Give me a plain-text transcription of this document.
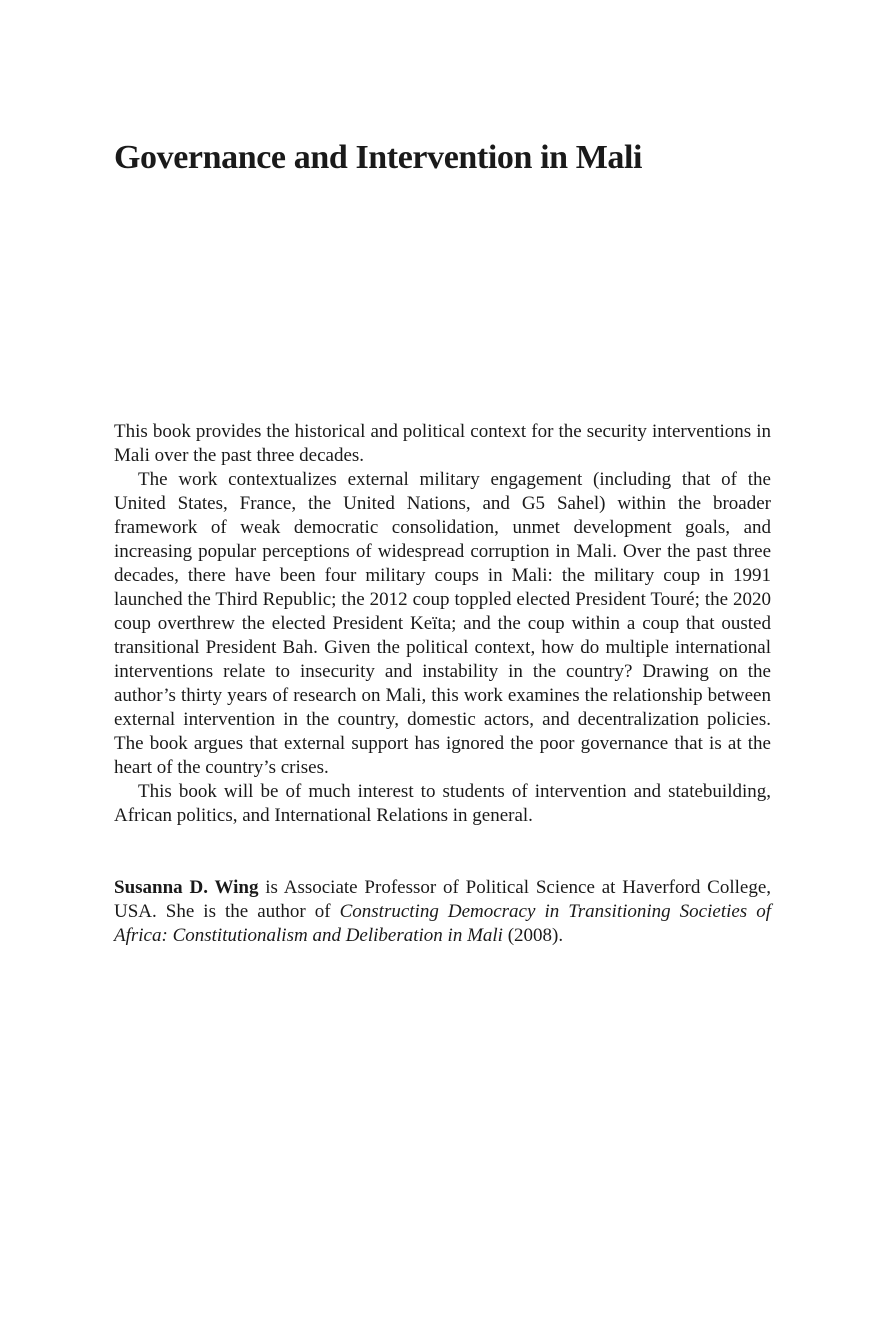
Governance and Intervention in Mali

This book provides the historical and political context for the security interventions in Mali over the past three decades.

The work contextualizes external military engagement (including that of the United States, France, the United Nations, and G5 Sahel) within the broader framework of weak democratic consolidation, unmet development goals, and increasing popular perceptions of widespread corruption in Mali. Over the past three decades, there have been four military coups in Mali: the military coup in 1991 launched the Third Republic; the 2012 coup toppled elected President Touré; the 2020 coup overthrew the elected President Keïta; and the coup within a coup that ousted transitional President Bah. Given the political context, how do multiple international interventions relate to insecurity and instability in the country? Drawing on the author’s thirty years of research on Mali, this work examines the relationship between external intervention in the country, domestic actors, and decentralization policies. The book argues that external support has ignored the poor governance that is at the heart of the country’s crises.

This book will be of much interest to students of intervention and statebuilding, African politics, and International Relations in general.

Susanna D. Wing is Associate Professor of Political Science at Haverford College, USA. She is the author of Constructing Democracy in Transitioning Societies of Africa: Constitutionalism and Deliberation in Mali (2008).
